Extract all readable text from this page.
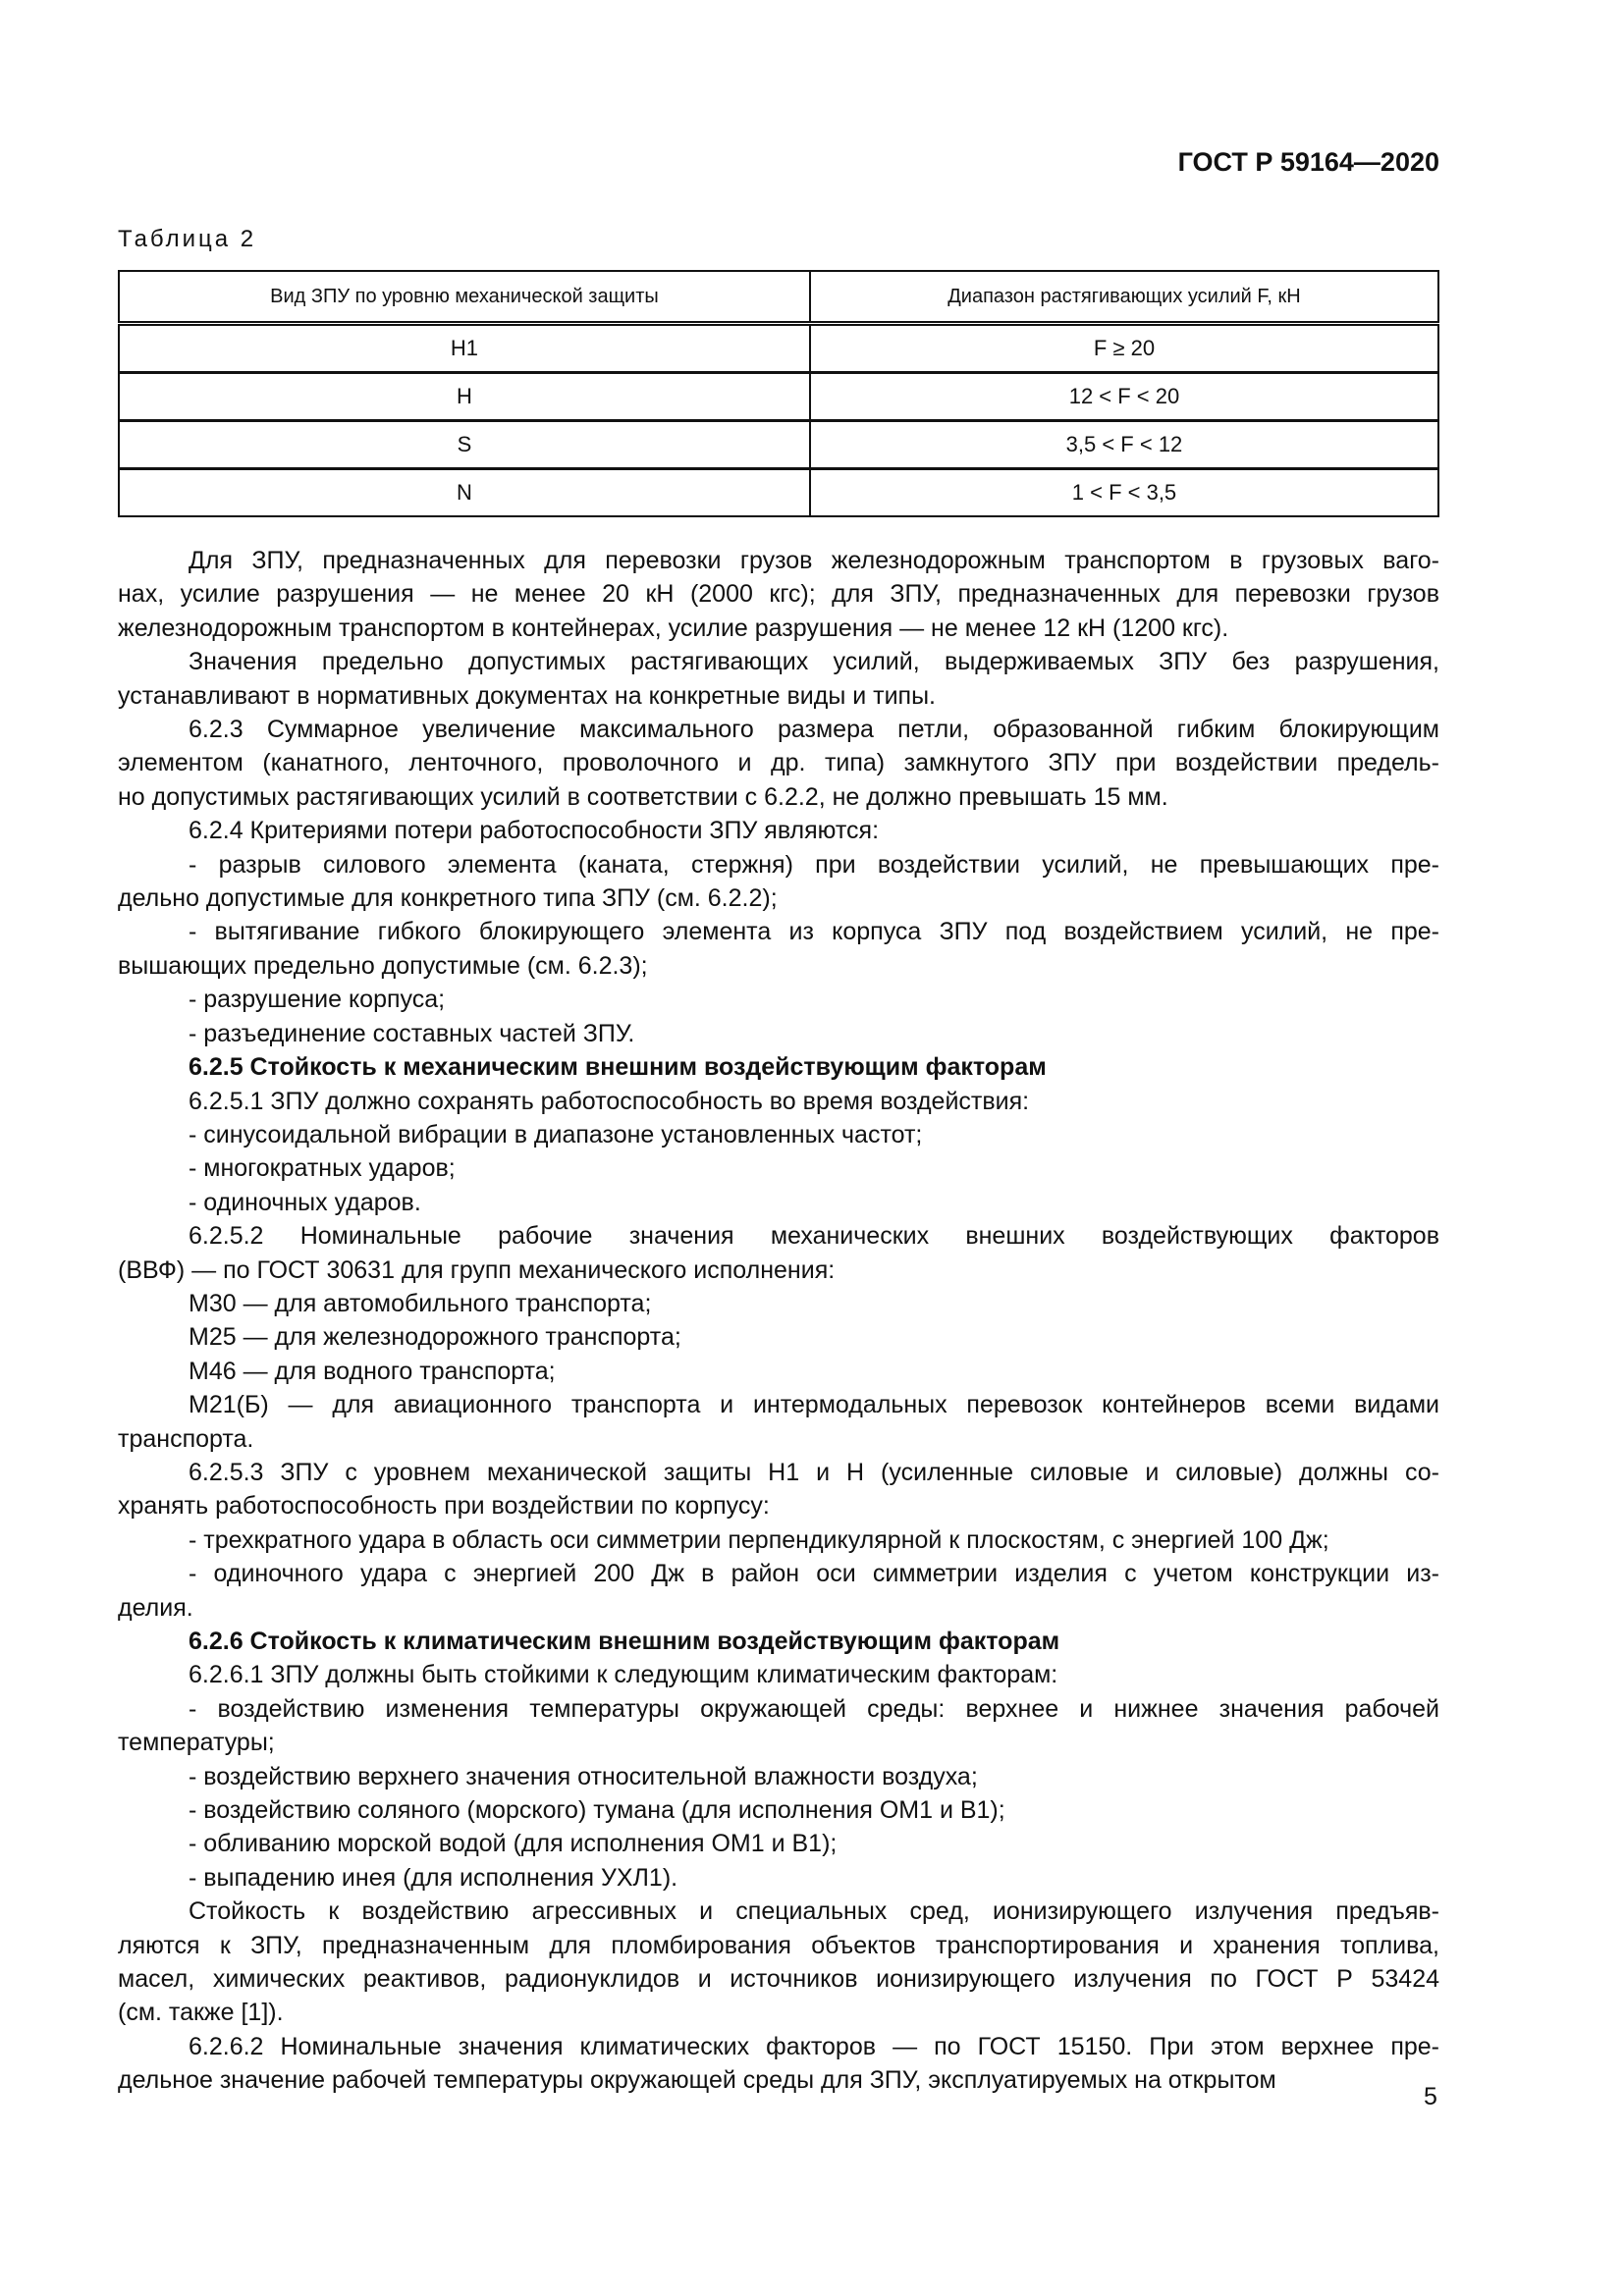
ГОСТ Р 59164—2020
Таблица 2
Вид ЗПУ по уровню механической защиты	Диапазон растягивающих усилий F, кН
H1	F ≥ 20
H	12 < F < 20
S	3,5 < F < 12
N	1 < F < 3,5
Для ЗПУ, предназначенных для перевозки грузов железнодорожным транспортом в грузовых ваго-
нах, усилие разрушения — не менее 20 кН (2000 кгс); для ЗПУ, предназначенных для перевозки грузов
железнодорожным транспортом в контейнерах, усилие разрушения — не менее 12 кН (1200 кгс).
Значения предельно допустимых растягивающих усилий, выдерживаемых ЗПУ без разрушения,
устанавливают в нормативных документах на конкретные виды и типы.
6.2.3 Суммарное увеличение максимального размера петли, образованной гибким блокирующим
элементом (канатного, ленточного, проволочного и др. типа) замкнутого ЗПУ при воздействии предель-
но допустимых растягивающих усилий в соответствии с 6.2.2, не должно превышать 15 мм.
6.2.4 Критериями потери работоспособности ЗПУ являются:
- разрыв силового элемента (каната, стержня) при воздействии усилий, не превышающих пре-
дельно допустимые для конкретного типа ЗПУ (см. 6.2.2);
- вытягивание гибкого блокирующего элемента из корпуса ЗПУ под воздействием усилий, не пре-
вышающих предельно допустимые (см. 6.2.3);
- разрушение корпуса;
- разъединение составных частей ЗПУ.
6.2.5 Стойкость к механическим внешним воздействующим факторам
6.2.5.1 ЗПУ должно сохранять работоспособность во время воздействия:
- синусоидальной вибрации в диапазоне установленных частот;
- многократных ударов;
- одиночных ударов.
6.2.5.2 Номинальные рабочие значения механических внешних воздействующих факторов
(ВВФ) — по ГОСТ 30631 для групп механического исполнения:
М30 — для автомобильного транспорта;
М25 — для железнодорожного транспорта;
М46 — для водного транспорта;
М21(Б) — для авиационного транспорта и интермодальных перевозок контейнеров всеми видами
транспорта.
6.2.5.3 ЗПУ с уровнем механической защиты Н1 и Н (усиленные силовые и силовые) должны со-
хранять работоспособность при воздействии по корпусу:
- трехкратного удара в область оси симметрии перпендикулярной к плоскостям, с энергией 100 Дж;
- одиночного удара с энергией 200 Дж в район оси симметрии изделия с учетом конструкции из-
делия.
6.2.6 Стойкость к климатическим внешним воздействующим факторам
6.2.6.1 ЗПУ должны быть стойкими к следующим климатическим факторам:
- воздействию изменения температуры окружающей среды: верхнее и нижнее значения рабочей
температуры;
- воздействию верхнего значения относительной влажности воздуха;
- воздействию соляного (морского) тумана (для исполнения ОМ1 и В1);
- обливанию морской водой (для исполнения ОМ1 и В1);
- выпадению инея (для исполнения УХЛ1).
Стойкость к воздействию агрессивных и специальных сред, ионизирующего излучения предъяв-
ляются к ЗПУ, предназначенным для пломбирования объектов транспортирования и хранения топлива,
масел, химических реактивов, радионуклидов и источников ионизирующего излучения по ГОСТ Р 53424
(см. также [1]).
6.2.6.2 Номинальные значения климатических факторов — по ГОСТ 15150. При этом верхнее пре-
дельное значение рабочей температуры окружающей среды для ЗПУ, эксплуатируемых на открытом
5
